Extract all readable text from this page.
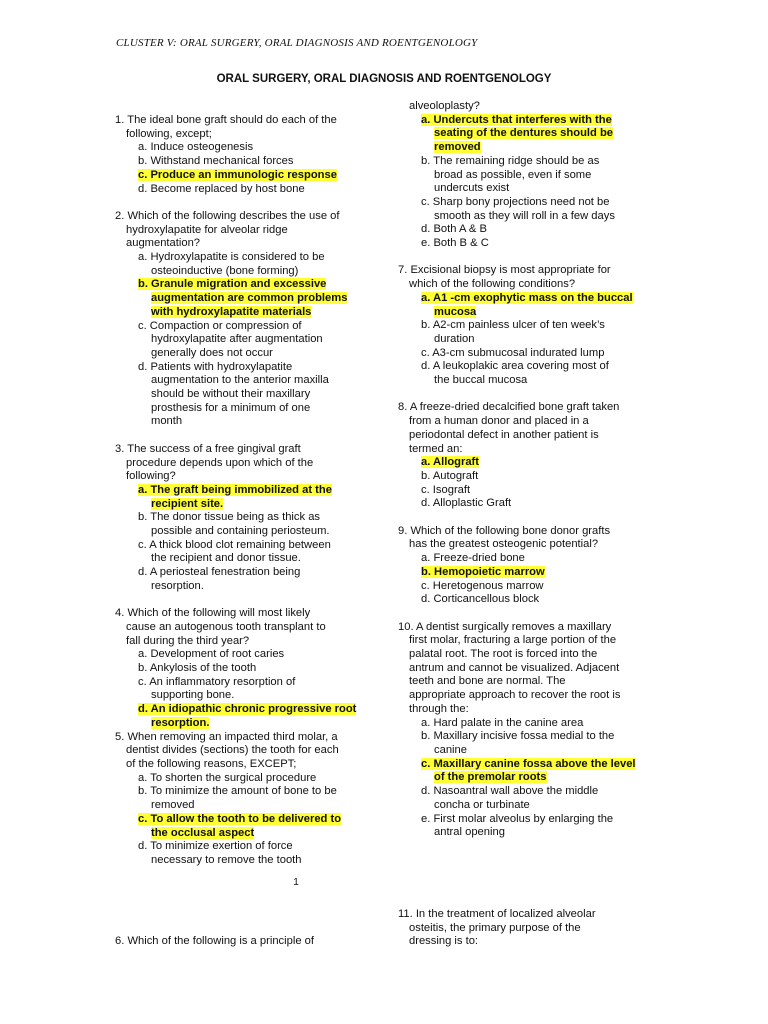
CLUSTER V: ORAL SURGERY, ORAL DIAGNOSIS AND ROENTGENOLOGY
ORAL SURGERY, ORAL DIAGNOSIS AND ROENTGENOLOGY
1. The ideal bone graft should do each of the
following, except;
a. Induce osteogenesis
b. Withstand mechanical forces
c. Produce an immunologic response
d. Become replaced by host bone
2. Which of the following describes the use of
hydroxylapatite for alveolar ridge
augmentation?
a. Hydroxylapatite is considered to be
osteoinductive (bone forming)
b. Granule migration and excessive
augmentation are common problems
with hydroxylapatite materials
c. Compaction or compression of
hydroxylapatite after augmentation
generally does not occur
d. Patients with hydroxylapatite
augmentation to the anterior maxilla
should be without their maxillary
prosthesis for a minimum of one
month
3. The success of a free gingival graft
procedure depends upon which of the
following?
a. The graft being immobilized at the
recipient site.
b. The donor tissue being as thick as
possible and containing periosteum.
c. A thick blood clot remaining between
the recipient and donor tissue.
d. A periosteal fenestration being
resorption.
4. Which of the following will most likely
cause an autogenous tooth transplant to
fall during the third year?
a. Development of root caries
b. Ankylosis of the tooth
c. An inflammatory resorption of
supporting bone.
d. An idiopathic chronic progressive root
resorption.
5. When removing an impacted third molar, a
dentist divides (sections) the tooth for each
of the following reasons, EXCEPT;
a. To shorten the surgical procedure
b. To minimize the amount of bone to be
removed
c. To allow the tooth to be delivered to
the occlusal aspect
d. To minimize exertion of force
necessary to remove the tooth
alveoloplasty?
a. Undercuts that interferes with the
seating of the dentures should be
removed
b. The remaining ridge should be as
broad as possible, even if some
undercuts exist
c. Sharp bony projections need not be
smooth as they will roll in a few days
d. Both A & B
e. Both B & C
7. Excisional biopsy is most appropriate for
which of the following conditions?
a. A1 -cm exophytic mass on the buccal
mucosa
b. A2-cm painless ulcer of ten week’s
duration
c. A3-cm submucosal indurated lump
d. A leukoplakic area covering most of
the buccal mucosa
8. A freeze-dried decalcified bone graft taken
from a human donor and placed in a
periodontal defect in another patient is
termed an:
a. Allograft
b. Autograft
c. Isograft
d. Alloplastic Graft
9. Which of the following bone donor grafts
has the greatest osteogenic potential?
a. Freeze-dried bone
b. Hemopoietic marrow
c. Heretogenous marrow
d. Corticancellous block
10. A dentist surgically removes a maxillary
first molar, fracturing a large portion of the
palatal root. The root is forced into the
antrum and cannot be visualized. Adjacent
teeth and bone are normal. The
appropriate approach to recover the root is
through the:
a. Hard palate in the canine area
b. Maxillary incisive fossa medial to the
canine
c. Maxillary canine fossa above the level
of the premolar roots
d. Nasoantral wall above the middle
concha or turbinate
e. First molar alveolus by enlarging the
antral opening
1
6. Which of the following is a principle of
11. In the treatment of localized alveolar
osteitis, the primary purpose of the
dressing is to:
